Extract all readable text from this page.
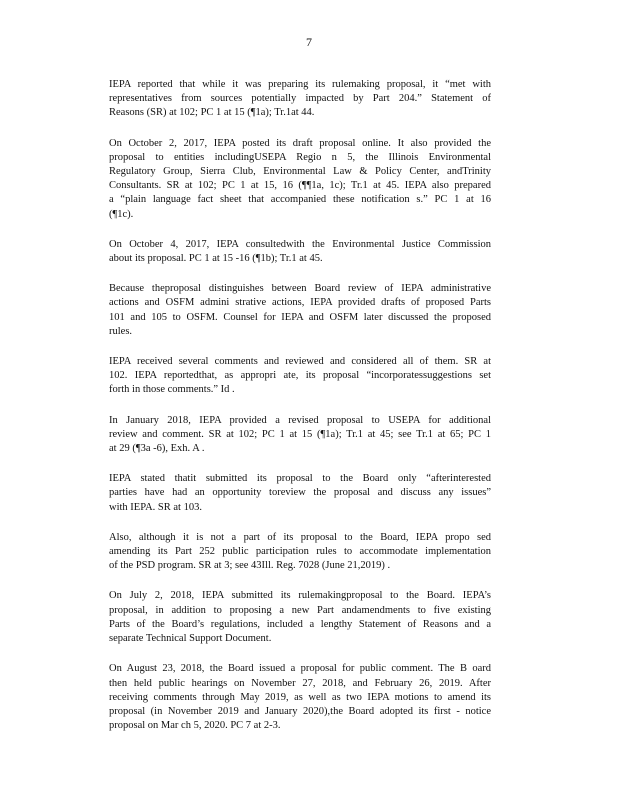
7
IEPA reported that while it was preparing its rulemaking proposal, it “met with
representatives from sources potentially impacted by Part 204.” Statement of
Reasons (SR) at 102; PC 1 at 15 (¶1a); Tr.1at 44.
On October 2, 2017, IEPA posted its draft proposal online. It also provided the
proposal to entities includingUSEPA Regio n 5, the Illinois Environmental
Regulatory Group, Sierra Club, Environmental Law & Policy Center, andTrinity
Consultants. SR at 102; PC 1 at 15, 16 (¶¶1a, 1c); Tr.1 at 45. IEPA also prepared
a “plain language fact sheet that accompanied these notification s.” PC 1 at 16
(¶1c).
On October 4, 2017, IEPA consultedwith the Environmental Justice Commission
about its proposal. PC 1 at 15 -16 (¶1b); Tr.1 at 45.
Because theproposal distinguishes between Board review of IEPA administrative
actions and OSFM admini strative actions, IEPA provided drafts of proposed Parts
101 and 105 to OSFM. Counsel for IEPA and OSFM later discussed the proposed
rules.
IEPA received several comments and reviewed and considered all of them. SR at
102. IEPA reportedthat, as appropri ate, its proposal “incorporatessuggestions set
forth in those comments.” Id .
In January 2018, IEPA provided a revised proposal to USEPA for additional
review and comment. SR at 102; PC 1 at 15 (¶1a); Tr.1 at 45; see Tr.1 at 65; PC 1
at 29 (¶3a -6), Exh. A .
IEPA stated thatit submitted its proposal to the Board only “afterinterested
parties have had an opportunity toreview the proposal and discuss any issues”
with IEPA. SR at 103.
Also, although it is not a part of its proposal to the Board, IEPA propo sed
amending its Part 252 public participation rules to accommodate implementation
of the PSD program. SR at 3; see 43Ill. Reg. 7028 (June 21,2019) .
On July 2, 2018, IEPA submitted its rulemakingproposal to the Board. IEPA’s
proposal, in addition to proposing a new Part andamendments to five existing
Parts of the Board’s regulations, included a lengthy Statement of Reasons and a
separate Technical Support Document.
On August 23, 2018, the Board issued a proposal for public comment. The B oard
then held public hearings on November 27, 2018, and February 26, 2019. After
receiving comments through May 2019, as well as two IEPA motions to amend its
proposal (in November 2019 and January 2020),the Board adopted its first - notice
proposal on Mar ch 5, 2020. PC 7 at 2-3.
